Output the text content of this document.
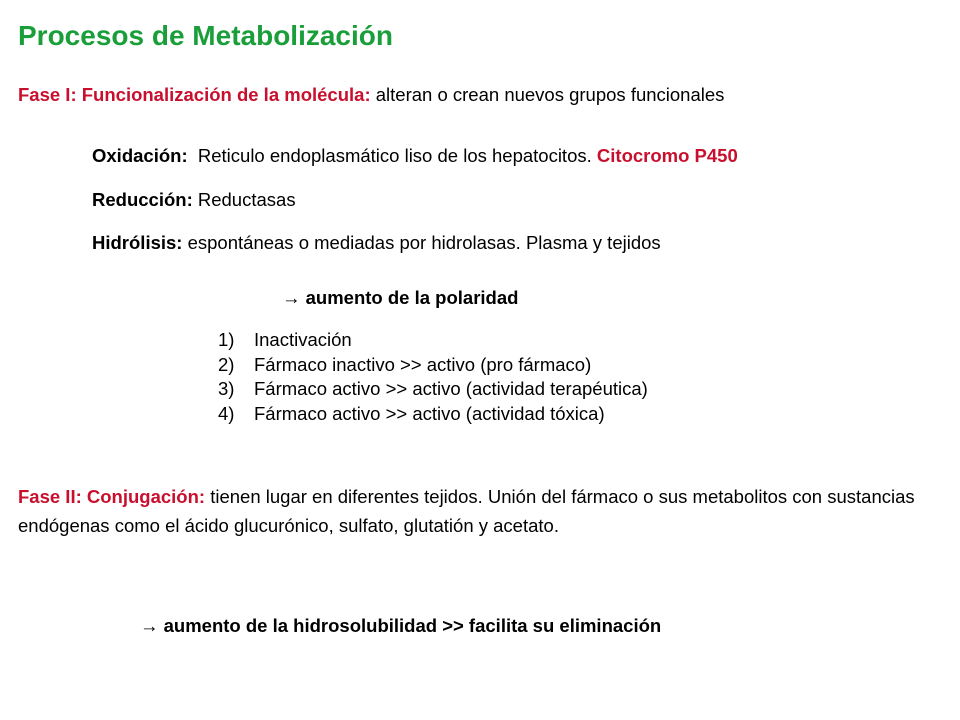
Procesos de Metabolización
Fase I: Funcionalización de la molécula: alteran o crean nuevos grupos funcionales
Oxidación:  Reticulo endoplasmático liso de los hepatocitos. Citocromo P450
Reducción: Reductasas
Hidrólisis: espontáneas o mediadas por hidrolasas. Plasma y tejidos
→ aumento de la polaridad
1) Inactivación
2) Fármaco inactivo >> activo (pro fármaco)
3) Fármaco activo >> activo (actividad terapéutica)
4) Fármaco activo >> activo (actividad tóxica)
Fase II: Conjugación: tienen lugar en diferentes tejidos. Unión del fármaco o sus metabolitos con sustancias endógenas como el ácido glucurónico, sulfato, glutatión y acetato.
→ aumento de la hidrosolubilidad >> facilita su eliminación
